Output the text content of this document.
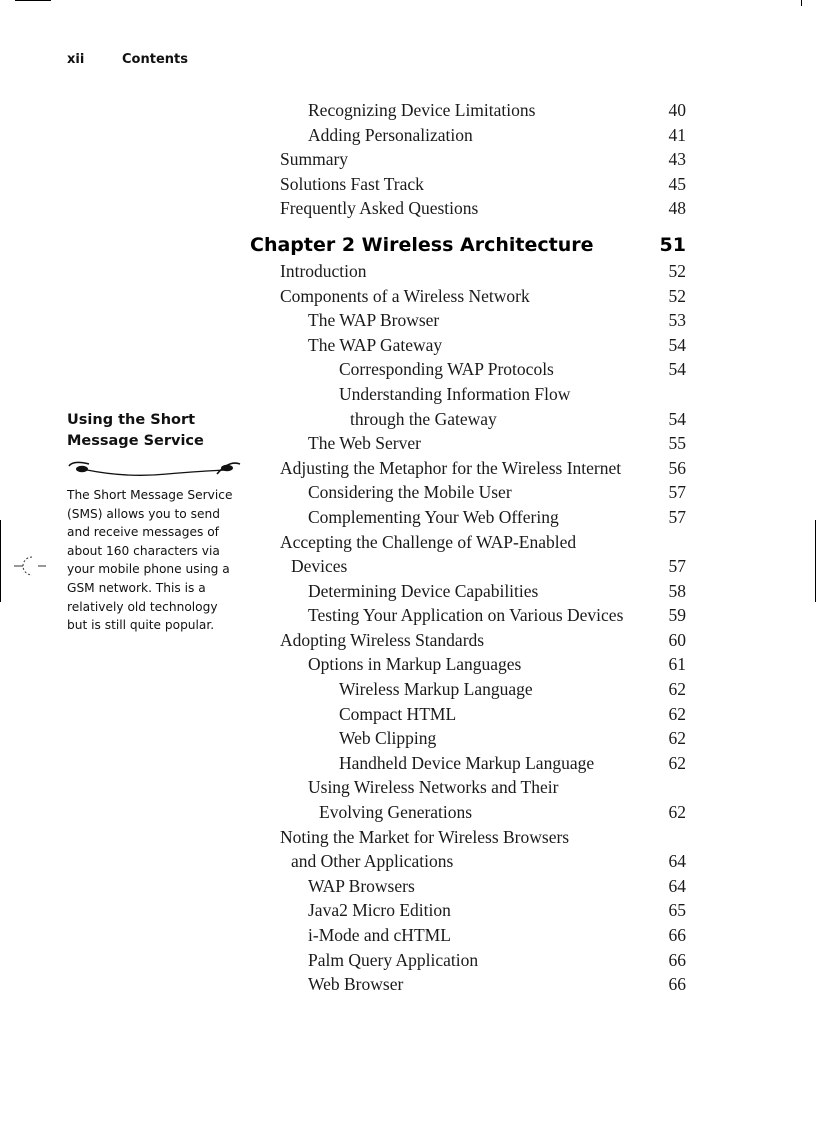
xii	Contents
Using the Short
Message Service
The Short Message Service
(SMS) allows you to send
and receive messages of
about 160 characters via
your mobile phone using a
GSM network. This is a
relatively old technology
but is still quite popular.
Recognizing Device Limitations	40
Adding Personalization	41
Summary	43
Solutions Fast Track	45
Frequently Asked Questions	48
Chapter 2 Wireless Architecture	51
Introduction	52
Components of a Wireless Network	52
The WAP Browser	53
The WAP Gateway	54
Corresponding WAP Protocols	54
Understanding Information Flow
through the Gateway	54
The Web Server	55
Adjusting the Metaphor for the Wireless Internet	56
Considering the Mobile User	57
Complementing Your Web Offering	57
Accepting the Challenge of WAP-Enabled
Devices	57
Determining Device Capabilities	58
Testing Your Application on Various Devices	59
Adopting Wireless Standards	60
Options in Markup Languages	61
Wireless Markup Language	62
Compact HTML	62
Web Clipping	62
Handheld Device Markup Language	62
Using Wireless Networks and Their
Evolving Generations	62
Noting the Market for Wireless Browsers
and Other Applications	64
WAP Browsers	64
Java2 Micro Edition	65
i-Mode and cHTML	66
Palm Query Application	66
Web Browser	66
